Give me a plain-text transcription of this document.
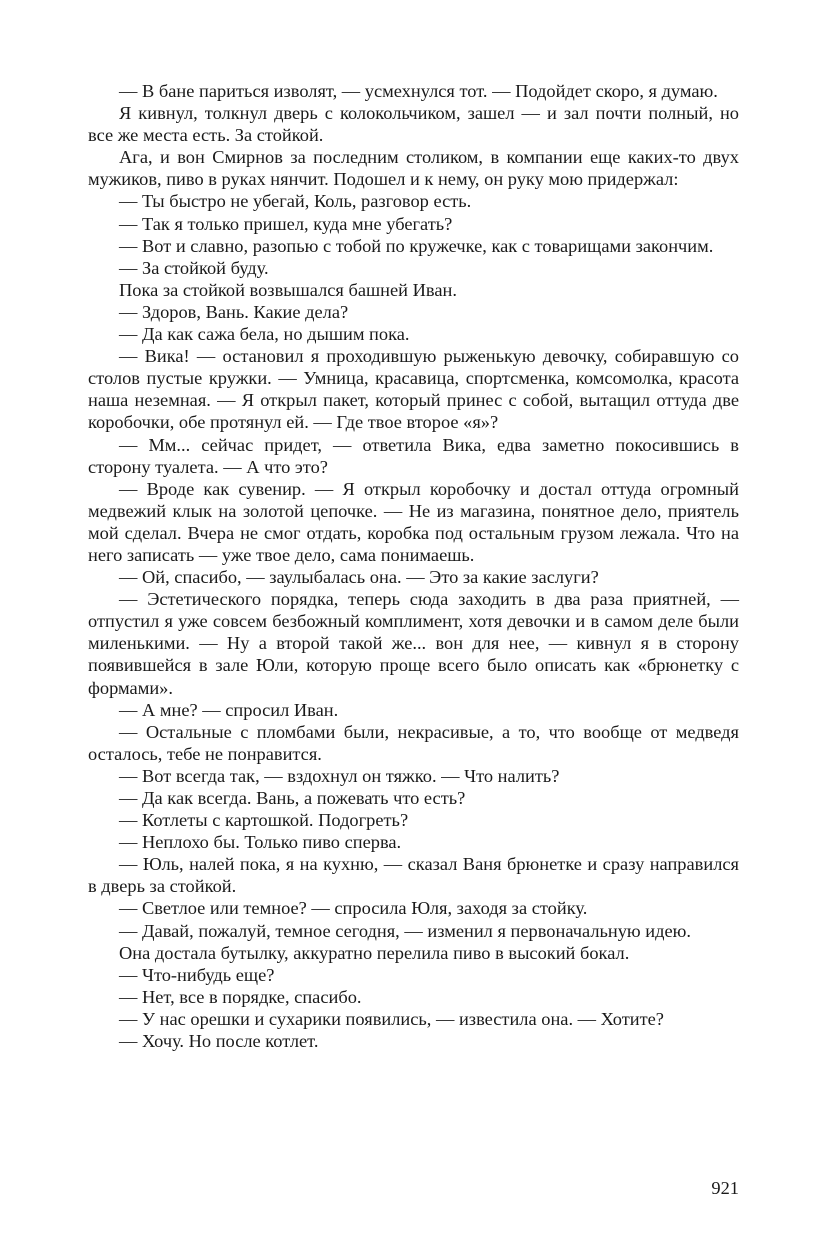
— В бане париться изволят, — усмехнулся тот. — Подойдет скоро, я думаю.

Я кивнул, толкнул дверь с колокольчиком, зашел — и зал почти полный, но все же места есть. За стойкой.

Ага, и вон Смирнов за последним столиком, в компании еще каких-то двух мужиков, пиво в руках нянчит. Подошел и к нему, он руку мою придержал:

— Ты быстро не убегай, Коль, разговор есть.

— Так я только пришел, куда мне убегать?

— Вот и славно, разопью с тобой по кружечке, как с товарищами закончим.

— За стойкой буду.

Пока за стойкой возвышался башней Иван.

— Здоров, Вань. Какие дела?

— Да как сажа бела, но дышим пока.

— Вика! — остановил я проходившую рыженькую девочку, собиравшую со столов пустые кружки. — Умница, красавица, спортсменка, комсомолка, красота наша неземная. — Я открыл пакет, который принес с собой, вытащил оттуда две коробочки, обе протянул ей. — Где твое второе «я»?

— Мм... сейчас придет, — ответила Вика, едва заметно покосившись в сторону туалета. — А что это?

— Вроде как сувенир. — Я открыл коробочку и достал оттуда огромный медвежий клык на золотой цепочке. — Не из магазина, понятное дело, приятель мой сделал. Вчера не смог отдать, коробка под остальным грузом лежала. Что на него записать — уже твое дело, сама понимаешь.

— Ой, спасибо, — заулыбалась она. — Это за какие заслуги?

— Эстетического порядка, теперь сюда заходить в два раза приятней, — отпустил я уже совсем безбожный комплимент, хотя девочки и в самом деле были миленькими. — Ну а второй такой же... вон для нее, — кивнул я в сторону появившейся в зале Юли, которую проще всего было описать как «брюнетку с формами».

— А мне? — спросил Иван.

— Остальные с пломбами были, некрасивые, а то, что вообще от медведя осталось, тебе не понравится.

— Вот всегда так, — вздохнул он тяжко. — Что налить?

— Да как всегда. Вань, а пожевать что есть?

— Котлеты с картошкой. Подогреть?

— Неплохо бы. Только пиво сперва.

— Юль, налей пока, я на кухню, — сказал Ваня брюнетке и сразу направился в дверь за стойкой.

— Светлое или темное? — спросила Юля, заходя за стойку.

— Давай, пожалуй, темное сегодня, — изменил я первоначальную идею.

Она достала бутылку, аккуратно перелила пиво в высокий бокал.

— Что-нибудь еще?

— Нет, все в порядке, спасибо.

— У нас орешки и сухарики появились, — известила она. — Хотите?

— Хочу. Но после котлет.

921
